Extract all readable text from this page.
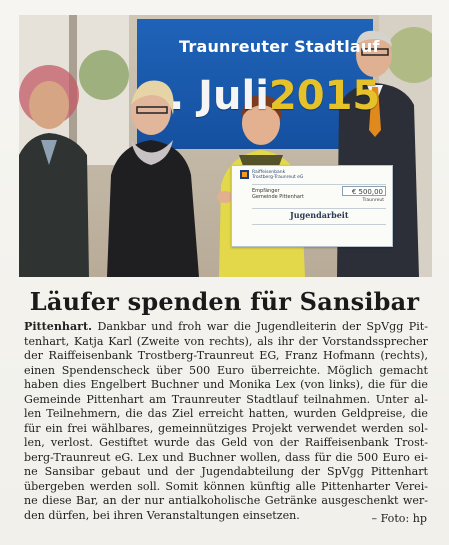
Traunreuter Stadtlauf
. Juli2015
Raiffeisenbank
Trostberg-Traunreut eG
Empfänger
Gemeinde Pittenhart
€ 500,00
Traunreut
Jugendarbeit
Läufer spenden für Sansibar
Pittenhart. Dankbar und froh war die Jugendleiterin der SpVgg Pit-
tenhart, Katja Karl (Zweite von rechts), als ihr der Vorstandssprecher
der Raiffeisenbank Trostberg-Traunreut EG, Franz Hofmann (rechts),
einen Spendenscheck über 500 Euro überreichte. Möglich gemacht
haben dies Engelbert Buchner und Monika Lex (von links), die für die
Gemeinde Pittenhart am Traunreuter Stadtlauf teilnahmen. Unter al-
len Teilnehmern, die das Ziel erreicht hatten, wurden Geldpreise, die
für ein frei wählbares, gemeinnütziges Projekt verwendet werden sol-
len, verlost. Gestiftet wurde das Geld von der Raiffeisenbank Trost-
berg-Traunreut eG. Lex und Buchner wollen, dass für die 500 Euro ei-
ne Sansibar gebaut und der Jugendabteilung der SpVgg Pittenhart
übergeben werden soll. Somit können künftig alle Pittenharter Verei-
ne diese Bar, an der nur antialkoholische Getränke ausgeschenkt wer-
den dürfen, bei ihren Veranstaltungen einsetzen.	– Foto: hp
